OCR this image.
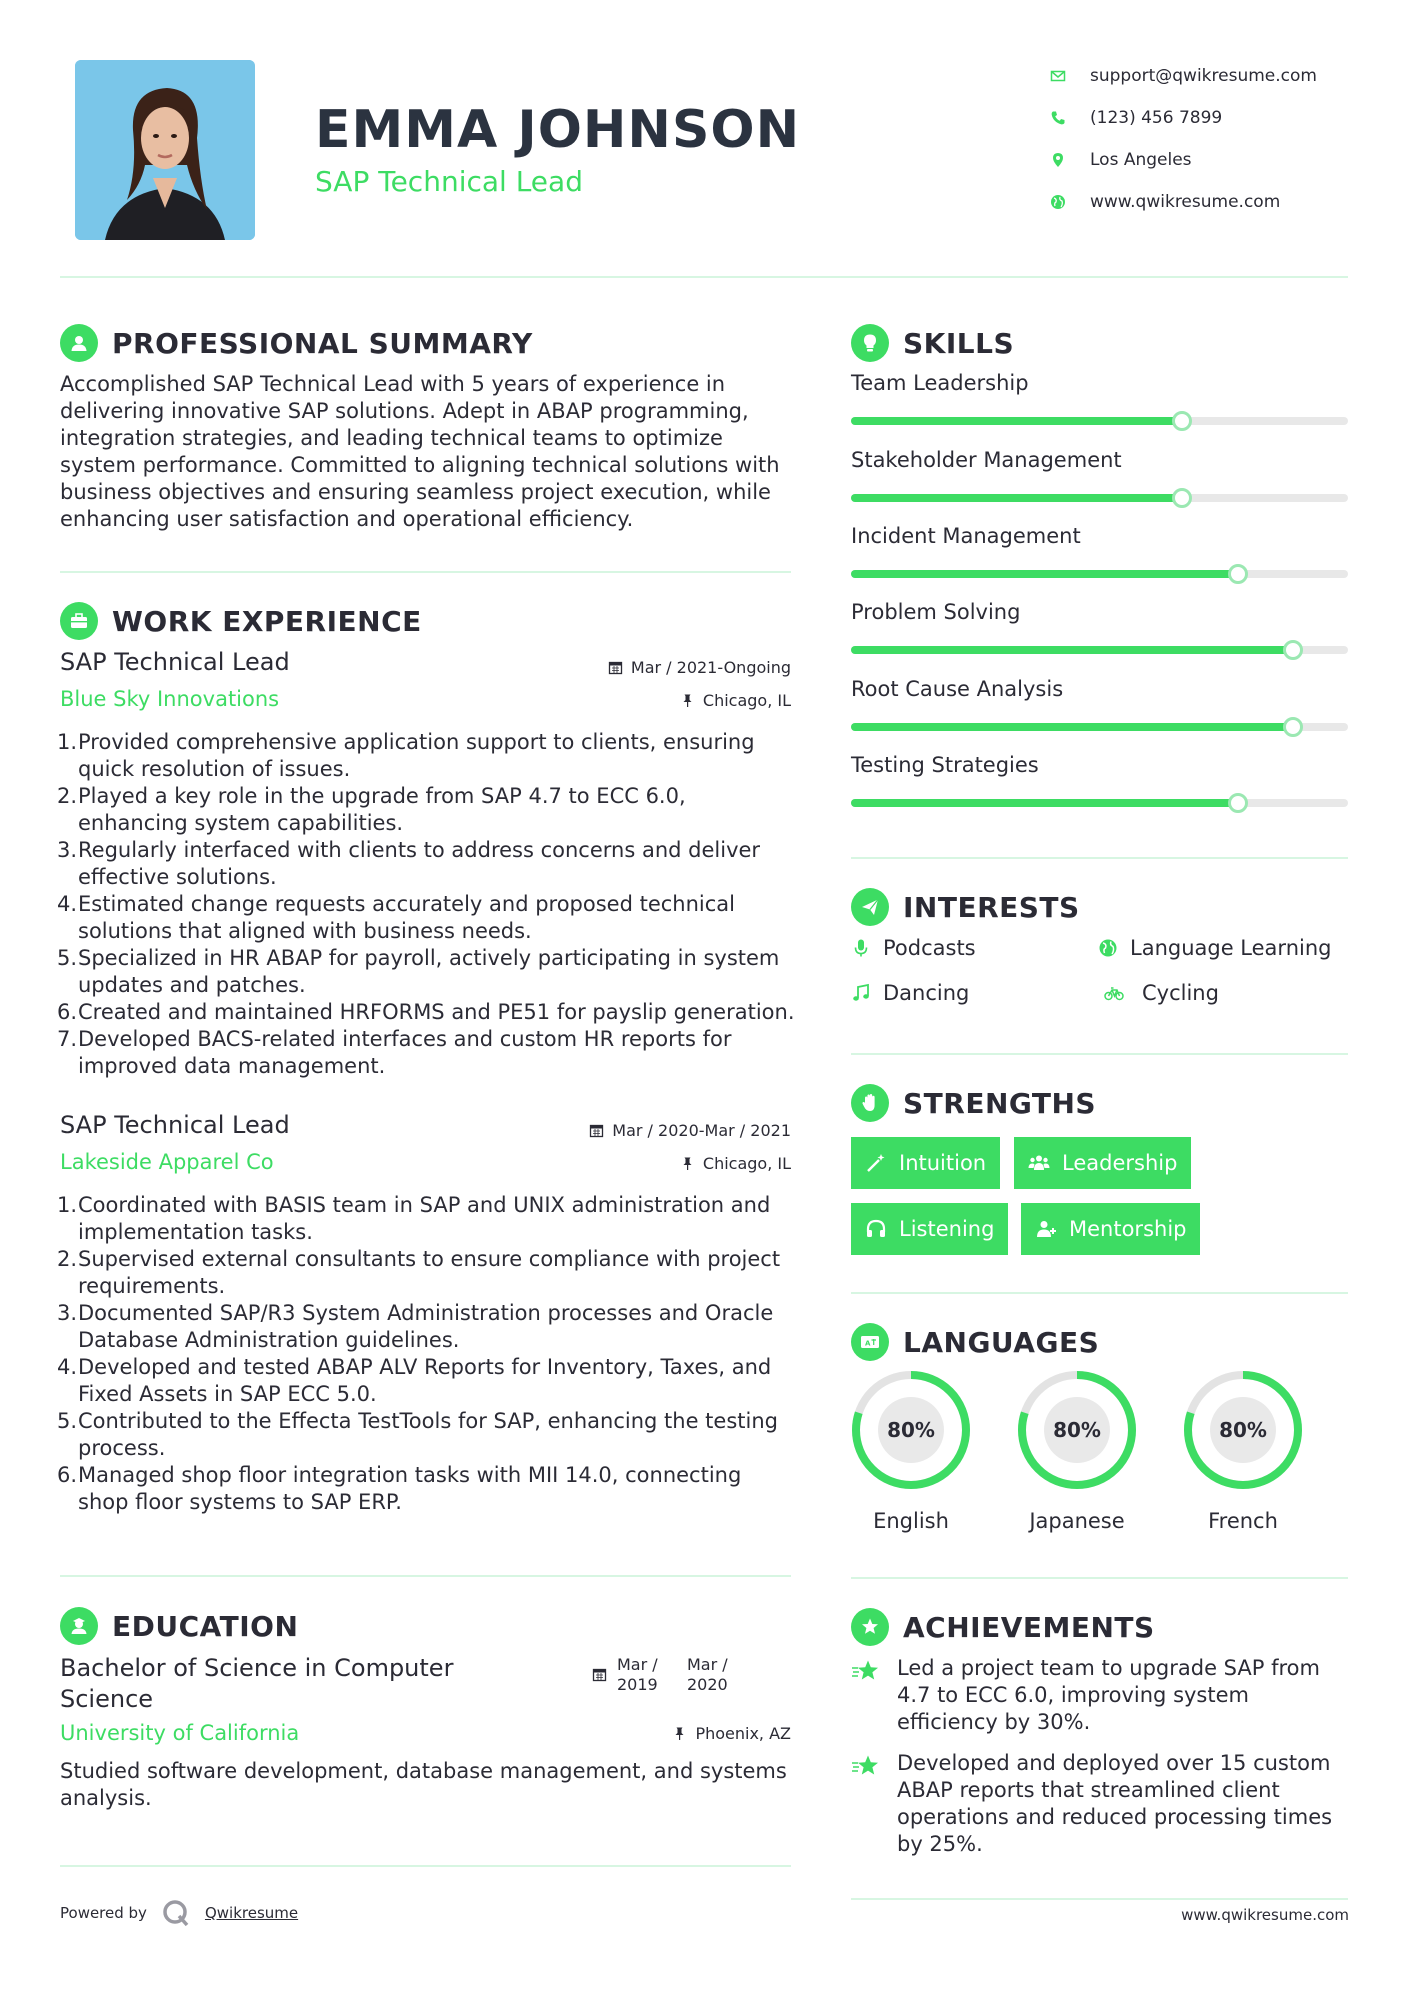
EMMA JOHNSON
SAP Technical Lead
support@qwikresume.com
(123) 456 7899
Los Angeles
www.qwikresume.com
PROFESSIONAL SUMMARY
Accomplished SAP Technical Lead with 5 years of experience in delivering innovative SAP solutions. Adept in ABAP programming, integration strategies, and leading technical teams to optimize system performance. Committed to aligning technical solutions with business objectives and ensuring seamless project execution, while enhancing user satisfaction and operational efficiency.
WORK EXPERIENCE
SAP Technical Lead	Mar / 2021-Ongoing
Blue Sky Innovations	Chicago, IL
1. Provided comprehensive application support to clients, ensuring quick resolution of issues.
2. Played a key role in the upgrade from SAP 4.7 to ECC 6.0, enhancing system capabilities.
3. Regularly interfaced with clients to address concerns and deliver effective solutions.
4. Estimated change requests accurately and proposed technical solutions that aligned with business needs.
5. Specialized in HR ABAP for payroll, actively participating in system updates and patches.
6. Created and maintained HRFORMS and PE51 for payslip generation.
7. Developed BACS-related interfaces and custom HR reports for improved data management.
SAP Technical Lead	Mar / 2020-Mar / 2021
Lakeside Apparel Co	Chicago, IL
1. Coordinated with BASIS team in SAP and UNIX administration and implementation tasks.
2. Supervised external consultants to ensure compliance with project requirements.
3. Documented SAP/R3 System Administration processes and Oracle Database Administration guidelines.
4. Developed and tested ABAP ALV Reports for Inventory, Taxes, and Fixed Assets in SAP ECC 5.0.
5. Contributed to the Effecta TestTools for SAP, enhancing the testing process.
6. Managed shop floor integration tasks with MII 14.0, connecting shop floor systems to SAP ERP.
EDUCATION
Bachelor of Science in Computer Science
Mar /
2019
Mar /
2020
University of California	Phoenix, AZ
Studied software development, database management, and systems analysis.
SKILLS
Team Leadership
Stakeholder Management
Incident Management
Problem Solving
Root Cause Analysis
Testing Strategies
INTERESTS
Podcasts	Language Learning
Dancing	Cycling
STRENGTHS
Intuition	Leadership
Listening	Mentorship
A LANGUAGES
80%
English
80%
Japanese
80%
French
ACHIEVEMENTS
Led a project team to upgrade SAP from 4.7 to ECC 6.0, improving system efficiency by 30%.
Developed and deployed over 15 custom ABAP reports that streamlined client operations and reduced processing times by 25%.
Powered by	Qwikresume	www.qwikresume.com
